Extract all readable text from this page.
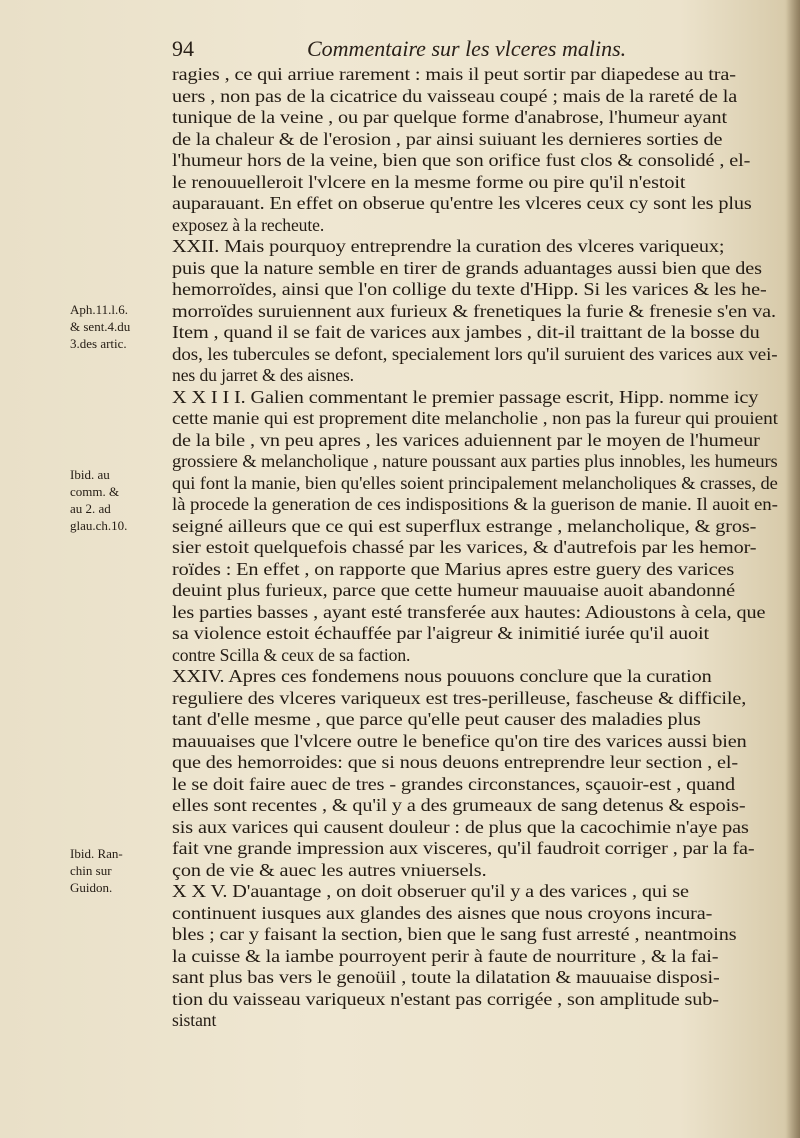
94	Commentaire sur les vlceres malins.
Aph.11.l.6.
& sent.4.du
3.des artic.
Ibid. au
comm. &
au 2. ad
glau.ch.10.
Ibid. Ran-
chin sur
Guidon.
ragies , ce qui arriue rarement : mais il peut sortir par diapedese au tra-
uers , non pas de la cicatrice du vaisseau coupé ; mais de la rareté de la
tunique de la veine , ou par quelque forme d'anabrose, l'humeur ayant
de la chaleur & de l'erosion , par ainsi suiuant les dernieres sorties de
l'humeur hors de la veine, bien que son orifice fust clos & consolidé , el-
le renouuelleroit l'vlcere en la mesme forme ou pire qu'il n'estoit
auparauant. En effet on obserue qu'entre les vlceres ceux cy sont les plus
exposez à la recheute.
XXII. Mais pourquoy entreprendre la curation des vlceres variqueux;
puis que la nature semble en tirer de grands aduantages aussi bien que des
hemorroïdes, ainsi que l'on collige du texte d'Hipp. Si les varices & les he-
morroïdes suruiennent aux furieux & frenetiques la furie & frenesie s'en va.
Item , quand il se fait de varices aux jambes , dit-il traittant de la bosse du
dos, les tubercules se defont, specialement lors qu'il suruient des varices aux vei-
nes du jarret & des aisnes.
X X I I I. Galien commentant le premier passage escrit, Hipp. nomme icy
cette manie qui est proprement dite melancholie , non pas la fureur qui prouient
de la bile , vn peu apres , les varices aduiennent par le moyen de l'humeur
grossiere & melancholique , nature poussant aux parties plus innobles, les humeurs
qui font la manie, bien qu'elles soient principalement melancholiques & crasses, de
là procede la generation de ces indispositions & la guerison de manie. Il auoit en-
seigné ailleurs que ce qui est superflux estrange , melancholique, & gros-
sier estoit quelquefois chassé par les varices, & d'autrefois par les hemor-
roïdes : En effet , on rapporte que Marius apres estre guery des varices
deuint plus furieux, parce que cette humeur mauuaise auoit abandonné
les parties basses , ayant esté transferée aux hautes: Adioustons à cela, que
sa violence estoit échauffée par l'aigreur & inimitié iurée qu'il auoit
contre Scilla & ceux de sa faction.
XXIV. Apres ces fondemens nous pouuons conclure que la curation
reguliere des vlceres variqueux est tres-perilleuse, fascheuse & difficile,
tant d'elle mesme , que parce qu'elle peut causer des maladies plus
mauuaises que l'vlcere outre le benefice qu'on tire des varices aussi bien
que des hemorroides: que si nous deuons entreprendre leur section , el-
le se doit faire auec de tres - grandes circonstances, sçauoir-est , quand
elles sont recentes , & qu'il y a des grumeaux de sang detenus & espois-
sis aux varices qui causent douleur : de plus que la cacochimie n'aye pas
fait vne grande impression aux visceres, qu'il faudroit corriger , par la fa-
çon de vie & auec les autres vniuersels.
X X V. D'auantage , on doit obseruer qu'il y a des varices , qui se
continuent iusques aux glandes des aisnes que nous croyons incura-
bles ; car y faisant la section, bien que le sang fust arresté , neantmoins
la cuisse & la iambe pourroyent perir à faute de nourriture , & la fai-
sant plus bas vers le genoüil , toute la dilatation & mauuaise disposi-
tion du vaisseau variqueux n'estant pas corrigée , son amplitude sub-
sistant
